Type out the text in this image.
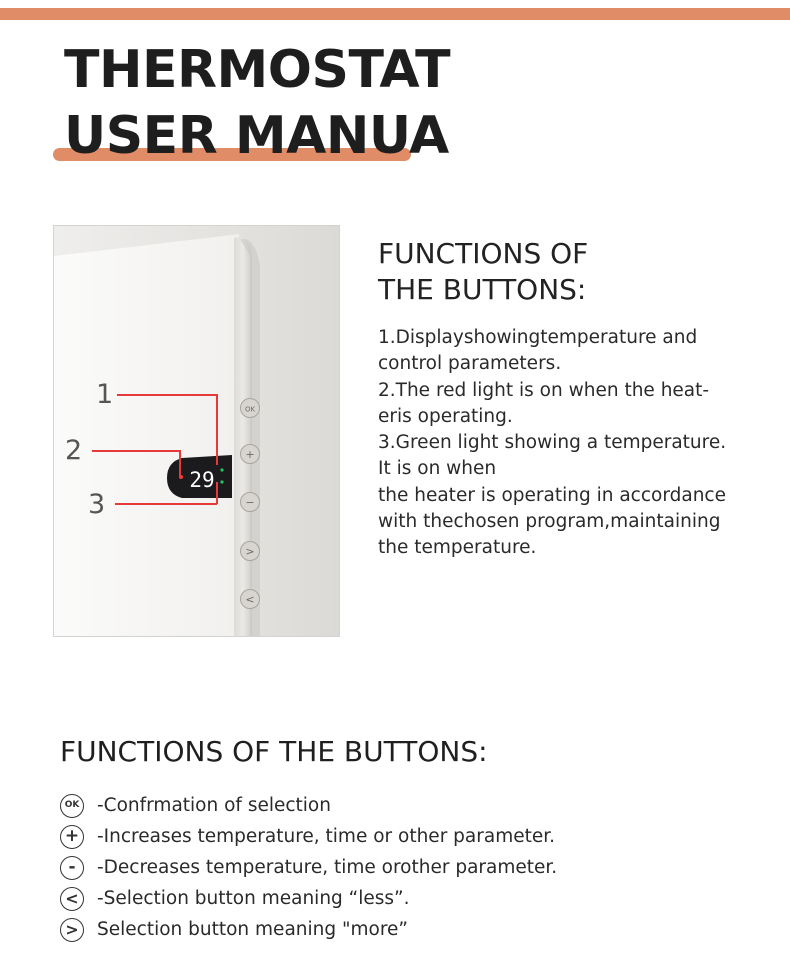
THERMOSTAT
USER MANUA
OK
+
−
>
<
29
1
2
3
FUNCTIONS OF
THE BUTTONS:
1.Displayshowingtemperature and
control parameters.
2.The red light is on when the heat-
eris operating.
3.Green light showing a temperature.
It is on when
the heater is operating in accordance
with thechosen program,maintaining
the temperature.
FUNCTIONS OF THE BUTTONS:
OK -Confrmation of selection
+ -Increases temperature, time or other parameter.
-	-Decreases temperature, time orother parameter.
< -Selection button meaning “less”.
> Selection button meaning "more”
